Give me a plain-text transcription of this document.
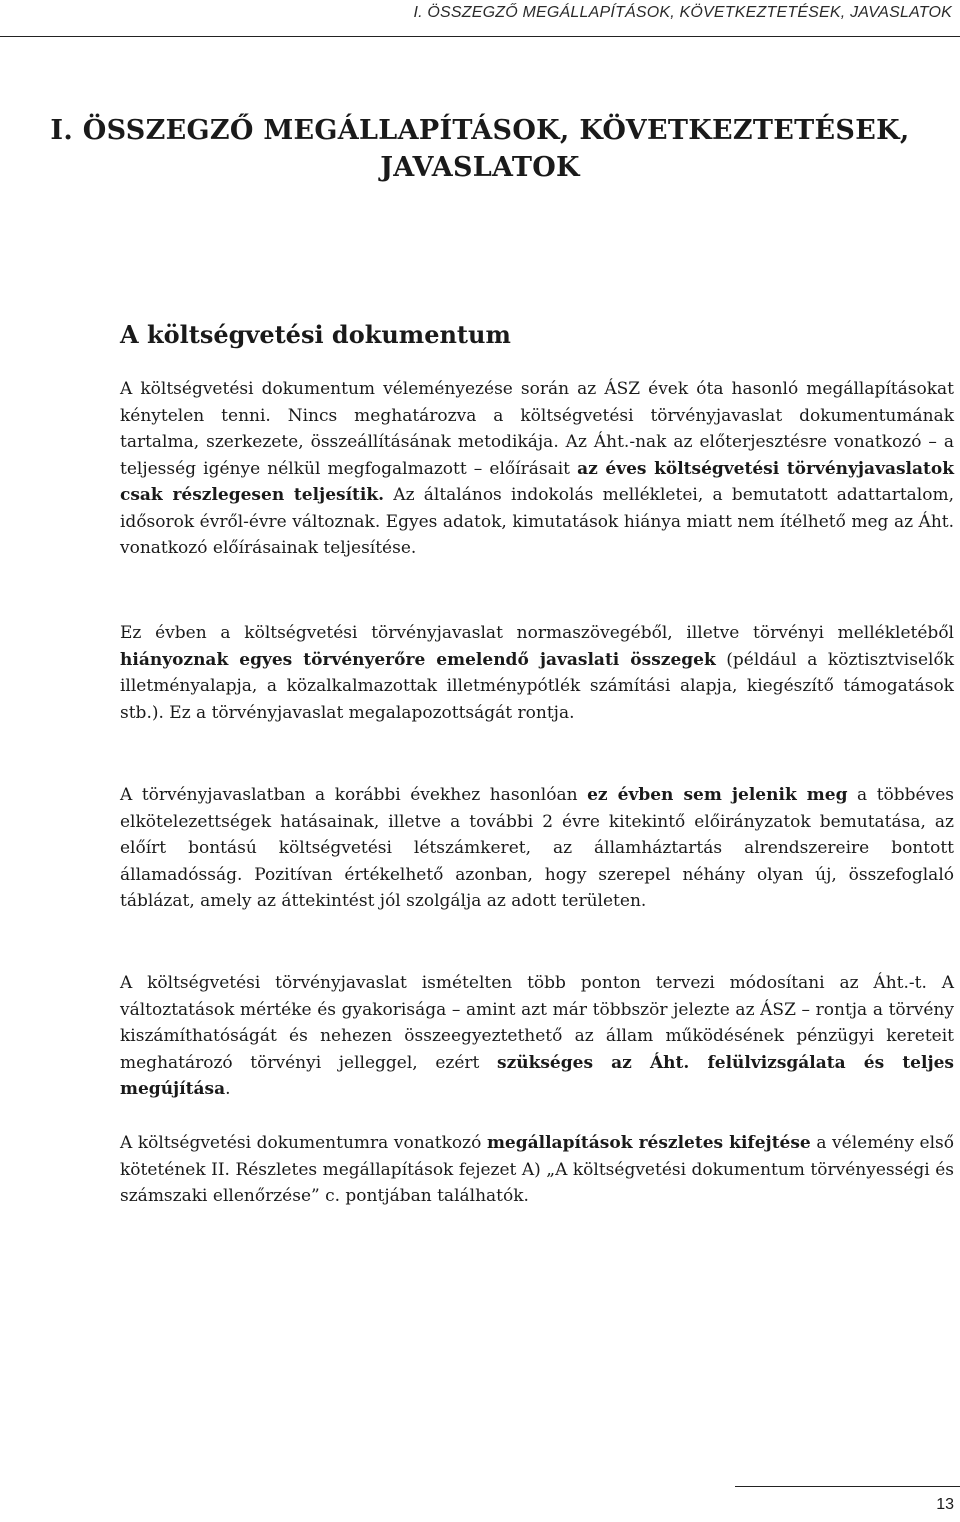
I. ÖSSZEGZŐ MEGÁLLAPÍTÁSOK, KÖVETKEZTETÉSEK, JAVASLATOK
I. ÖSSZEGZŐ MEGÁLLAPÍTÁSOK, KÖVETKEZTETÉSEK,
JAVASLATOK
A költségvetési dokumentum

A költségvetési dokumentum véleményezése során az ÁSZ évek óta hasonló megállapításokat kénytelen tenni. Nincs meghatározva a költségvetési törvényjavaslat dokumentumának tartalma, szerkezete, összeállításának metodikája. Az Áht.-nak az előterjesztésre vonatkozó – a teljesség igénye nélkül megfogalmazott – előírásait az éves költségvetési törvényjavaslatok csak részlegesen teljesítik. Az általános indokolás mellékletei, a bemutatott adattartalom, idősorok évről-évre változnak. Egyes adatok, kimutatások hiánya miatt nem ítélhető meg az Áht. vonatkozó előírásainak teljesítése.

Ez évben a költségvetési törvényjavaslat normaszövegéből, illetve törvényi mellékletéből hiányoznak egyes törvényerőre emelendő javaslati összegek (például a köztisztviselők illetményalapja, a közalkalmazottak illetménypótlék számítási alapja, kiegészítő támogatások stb.). Ez a törvényjavaslat megalapozottságát rontja.

A törvényjavaslatban a korábbi évekhez hasonlóan ez évben sem jelenik meg a többéves elkötelezettségek hatásainak, illetve a további 2 évre kitekintő előirányzatok bemutatása, az előírt bontású költségvetési létszámkeret, az államháztartás alrendszereire bontott államadósság. Pozitívan értékelhető azonban, hogy szerepel néhány olyan új, összefoglaló táblázat, amely az áttekintést jól szolgálja az adott területen.

A költségvetési törvényjavaslat ismételten több ponton tervezi módosítani az Áht.-t. A változtatások mértéke és gyakorisága – amint azt már többször jelezte az ÁSZ – rontja a törvény kiszámíthatóságát és nehezen összeegyeztethető az állam működésének pénzügyi kereteit meghatározó törvényi jelleggel, ezért szükséges az Áht. felülvizsgálata és teljes megújítása.

A költségvetési dokumentumra vonatkozó megállapítások részletes kifejtése a vélemény első kötetének II. Részletes megállapítások fejezet A) „A költségvetési dokumentum törvényességi és számszaki ellenőrzése” c. pontjában találhatók.

13
